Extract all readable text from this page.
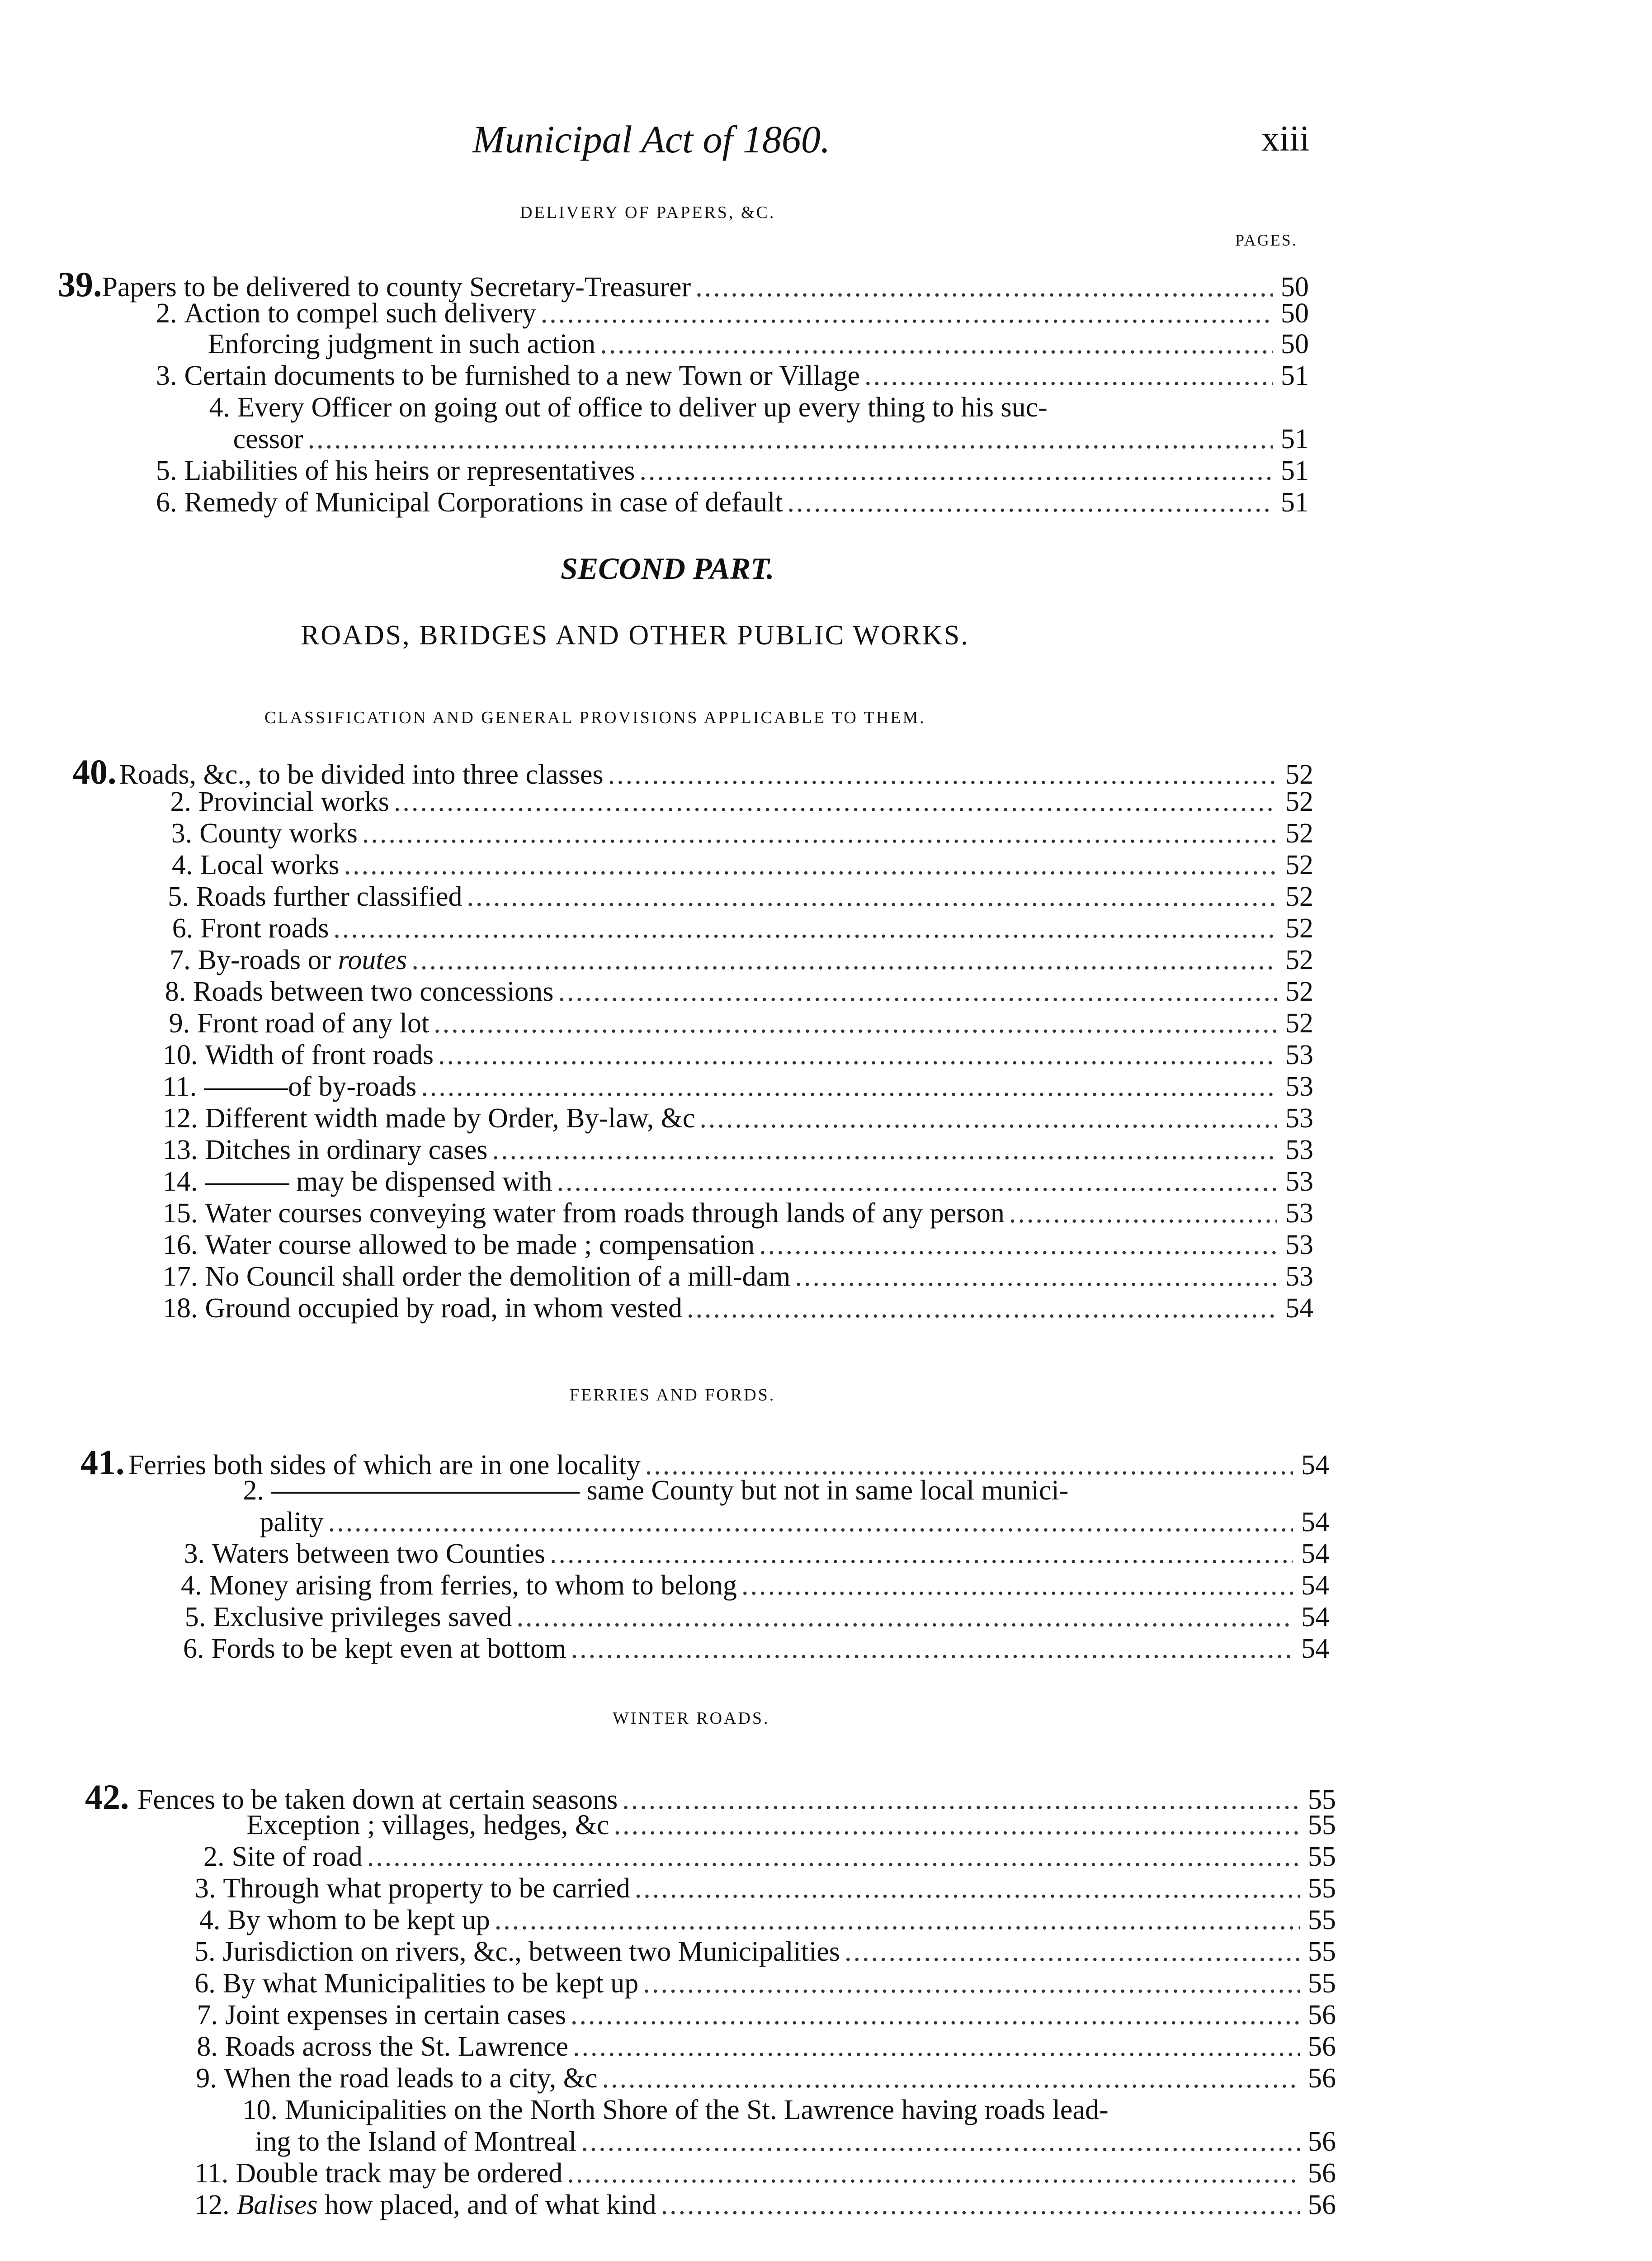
Municipal Act of 1860.	xiii
DELIVERY OF PAPERS, &C.
PAGES.
39. Papers to be delivered to county Secretary-Treasurer .....	50
2. Action to compel such delivery .....	50
Enforcing judgment in such action .....	50
3. Certain documents to be furnished to a new Town or Village .....	51
4. Every Officer on going out of office to deliver up every thing to his suc-
cessor .....	51
5. Liabilities of his heirs or representatives .....	51
6. Remedy of Municipal Corporations in case of default .....	51
SECOND PART.
ROADS, BRIDGES AND OTHER PUBLIC WORKS.
CLASSIFICATION AND GENERAL PROVISIONS APPLICABLE TO THEM.
40. Roads, &c., to be divided into three classes .....	52
2. Provincial works .....	52
3. County works .....	52
4. Local works .....	52
5. Roads further classified .....	52
6. Front roads .....	52
7. By-roads or routes .....	52
8. Roads between two concessions .....	52
9. Front road of any lot .....	52
10. Width of front roads .....	53
11. ———of by-roads .....	53
12. Different width made by Order, By-law, &c .....	53
13. Ditches in ordinary cases .....	53
14. ——— may be dispensed with .....	53
15. Water courses conveying water from roads through lands of any person .....	53
16. Water course allowed to be made ; compensation .....	53
17. No Council shall order the demolition of a mill-dam .....	53
18. Ground occupied by road, in whom vested .....	54
FERRIES AND FORDS.
41. Ferries both sides of which are in one locality .....	54
2. ——————————— same County but not in same local munici-
pality .....	54
3. Waters between two Counties .....	54
4. Money arising from ferries, to whom to belong .....	54
5. Exclusive privileges saved .....	54
6. Fords to be kept even at bottom .....	54
WINTER ROADS.
42. Fences to be taken down at certain seasons .....	55
Exception ; villages, hedges, &c .....	55
2. Site of road .....	55
3. Through what property to be carried .....	55
4. By whom to be kept up .....	55
5. Jurisdiction on rivers, &c., between two Municipalities .....	55
6. By what Municipalities to be kept up .....	55
7. Joint expenses in certain cases .....	56
8. Roads across the St. Lawrence .....	56
9. When the road leads to a city, &c .....	56
10. Municipalities on the North Shore of the St. Lawrence having roads lead-
ing to the Island of Montreal .....	56
11. Double track may be ordered .....	56
12. Balises how placed, and of what kind .....	56
